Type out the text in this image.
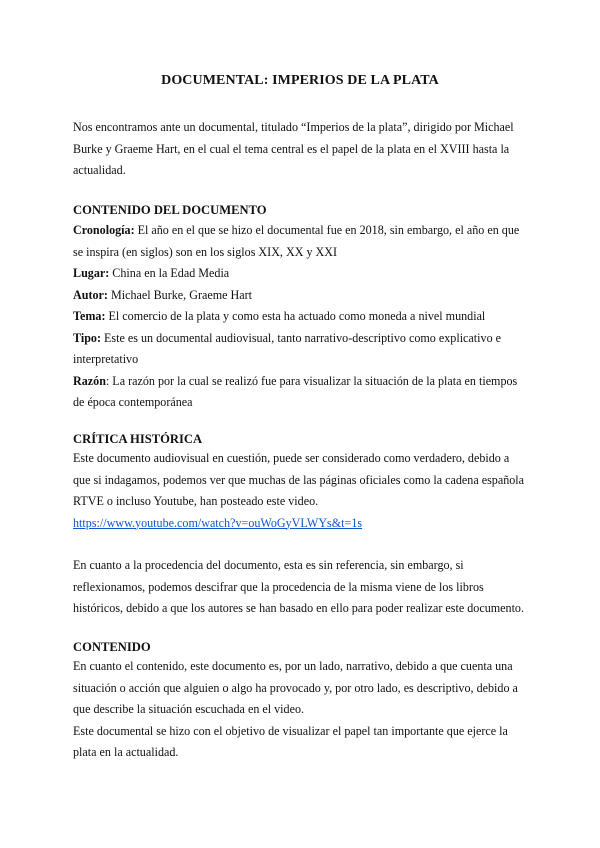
DOCUMENTAL: IMPERIOS DE LA PLATA
Nos encontramos ante un documental, titulado “Imperios de la plata”, dirigido por Michael
Burke y Graeme Hart, en el cual el tema central es el papel de la plata en el XVIII hasta la
actualidad.
CONTENIDO DEL DOCUMENTO
Cronología: El año en el que se hizo el documental fue en 2018, sin embargo, el año en que
se inspira (en siglos) son en los siglos XIX, XX y XXI
Lugar: China en la Edad Media
Autor: Michael Burke, Graeme Hart
Tema: El comercio de la plata y como esta ha actuado como moneda a nivel mundial
Tipo: Este es un documental audiovisual, tanto narrativo-descriptivo como explicativo e
interpretativo
Razón: La razón por la cual se realizó fue para visualizar la situación de la plata en tiempos
de época contemporánea
CRÍTICA HISTÓRICA
Este documento audiovisual en cuestión, puede ser considerado como verdadero, debido a
que si indagamos, podemos ver que muchas de las páginas oficiales como la cadena española
RTVE o incluso Youtube, han posteado este video.
https://www.youtube.com/watch?v=ouWoGyVLWYs&t=1s
En cuanto a la procedencia del documento, esta es sin referencia, sin embargo, si
reflexionamos, podemos descifrar que la procedencia de la misma viene de los libros
históricos, debido a que los autores se han basado en ello para poder realizar este documento.
CONTENIDO
En cuanto el contenido, este documento es, por un lado, narrativo, debido a que cuenta una
situación o acción que alguien o algo ha provocado y, por otro lado, es descriptivo, debido a
que describe la situación escuchada en el video.
Este documental se hizo con el objetivo de visualizar el papel tan importante que ejerce la
plata en la actualidad.
